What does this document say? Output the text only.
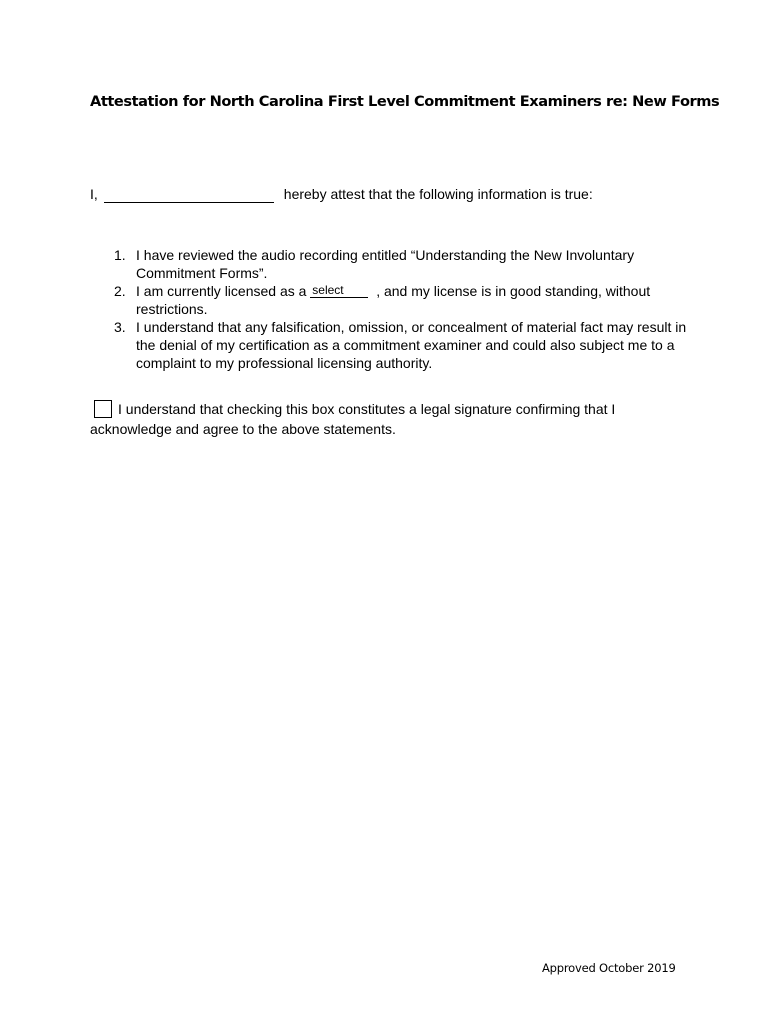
Attestation for North Carolina First Level Commitment Examiners re: New Forms
I,	hereby attest that the following information is true:
1. I have reviewed the audio recording entitled “Understanding the New Involuntary Commitment Forms”.
2. I am currently licensed as a select , and my license is in good standing, without restrictions.
3. I understand that any falsification, omission, or concealment of material fact may result in the denial of my certification as a commitment examiner and could also subject me to a complaint to my professional licensing authority.
I understand that checking this box constitutes a legal signature confirming that I acknowledge and agree to the above statements.
Approved October 2019
